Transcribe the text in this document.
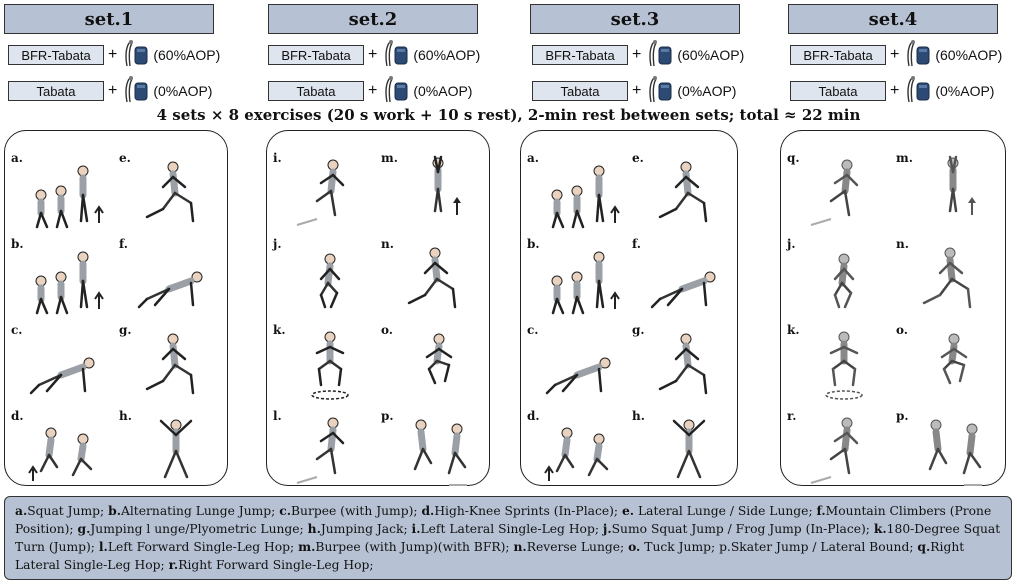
set.1	set.2	set.3	set.4
BFR-Tabata	+	(60%AOP)
Tabata	+	(0%AOP)
BFR-Tabata	+	(60%AOP)
Tabata	+	(0%AOP)
BFR-Tabata	+	(60%AOP)
Tabata	+	(0%AOP)
BFR-Tabata	+	(60%AOP)
Tabata	+	(0%AOP)
4 sets × 8 exercises (20 s work + 10 s rest), 2-min rest between sets; total ≈ 22 min
a.
b.
c.
d.
e.
f.
g.
h.
i.
j.
k.
l.
m.
n.
o.
p.
a.
b.
c.
d.
e.
f.
g.
h.
q.
j.
k.
r.
m.
n.
o.
p.
a.Squat Jump; b.Alternating Lunge Jump; c.Burpee (with Jump); d.High-Knee Sprints (In-Place); e. Lateral Lunge / Side Lunge; f.Mountain Climbers (Prone Position); g.Jumping l unge/Plyometric Lunge; h.Jumping Jack; i.Left Lateral Single-Leg Hop; j.Sumo Squat Jump / Frog Jump (In-Place); k.180-Degree Squat Turn (Jump); l.Left Forward Single-Leg Hop; m.Burpee (with Jump)(with BFR); n.Reverse Lunge; o. Tuck Jump; p.Skater Jump / Lateral Bound; q.Right Lateral Single-Leg Hop; r.Right Forward Single-Leg Hop;
